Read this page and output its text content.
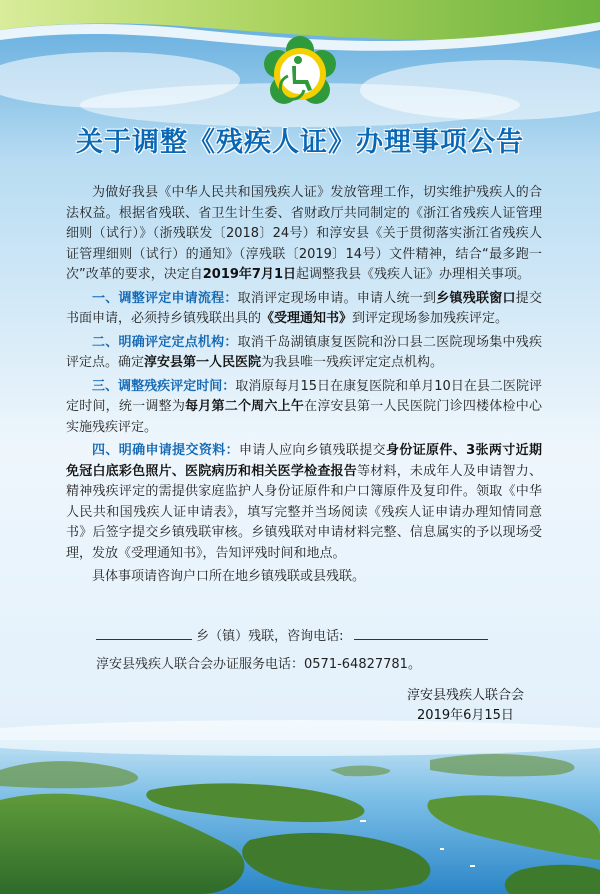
关于调整《残疾人证》办理事项公告

为做好我县《中华人民共和国残疾人证》发放管理工作，切实维护残疾人的合法权益。根据省残联、省卫生计生委、省财政厅共同制定的《浙江省残疾人证管理细则（试行）》（浙残联发〔2018〕24号）和淳安县《关于贯彻落实浙江省残疾人证管理细则（试行）的通知》（淳残联〔2019〕14号）文件精神，结合“最多跑一次”改革的要求，决定自2019年7月1日起调整我县《残疾人证》办理相关事项。

一、调整评定申请流程：取消评定现场申请。申请人统一到乡镇残联窗口提交书面申请，必须持乡镇残联出具的《受理通知书》到评定现场参加残疾评定。

二、明确评定定点机构：取消千岛湖镇康复医院和汾口县二医院现场集中残疾评定点。确定淳安县第一人民医院为我县唯一残疾评定定点机构。

三、调整残疾评定时间：取消原每月15日在康复医院和单月10日在县二医院评定时间，统一调整为每月第二个周六上午在淳安县第一人民医院门诊四楼体检中心实施残疾评定。

四、明确申请提交资料：申请人应向乡镇残联提交身份证原件、3张两寸近期免冠白底彩色照片、医院病历和相关医学检查报告等材料，未成年人及申请智力、精神残疾评定的需提供家庭监护人身份证原件和户口簿原件及复印件。领取《中华人民共和国残疾人证申请表》，填写完整并当场阅读《残疾人证申请办理知情同意书》后签字提交乡镇残联审核。乡镇残联对申请材料完整、信息属实的予以现场受理，发放《受理通知书》，告知评残时间和地点。

具体事项请咨询户口所在地乡镇残联或县残联。

乡（镇）残联，咨询电话:
淳安县残疾人联合会办证服务电话：0571-64827781。
淳安县残疾人联合会
2019年6月15日
